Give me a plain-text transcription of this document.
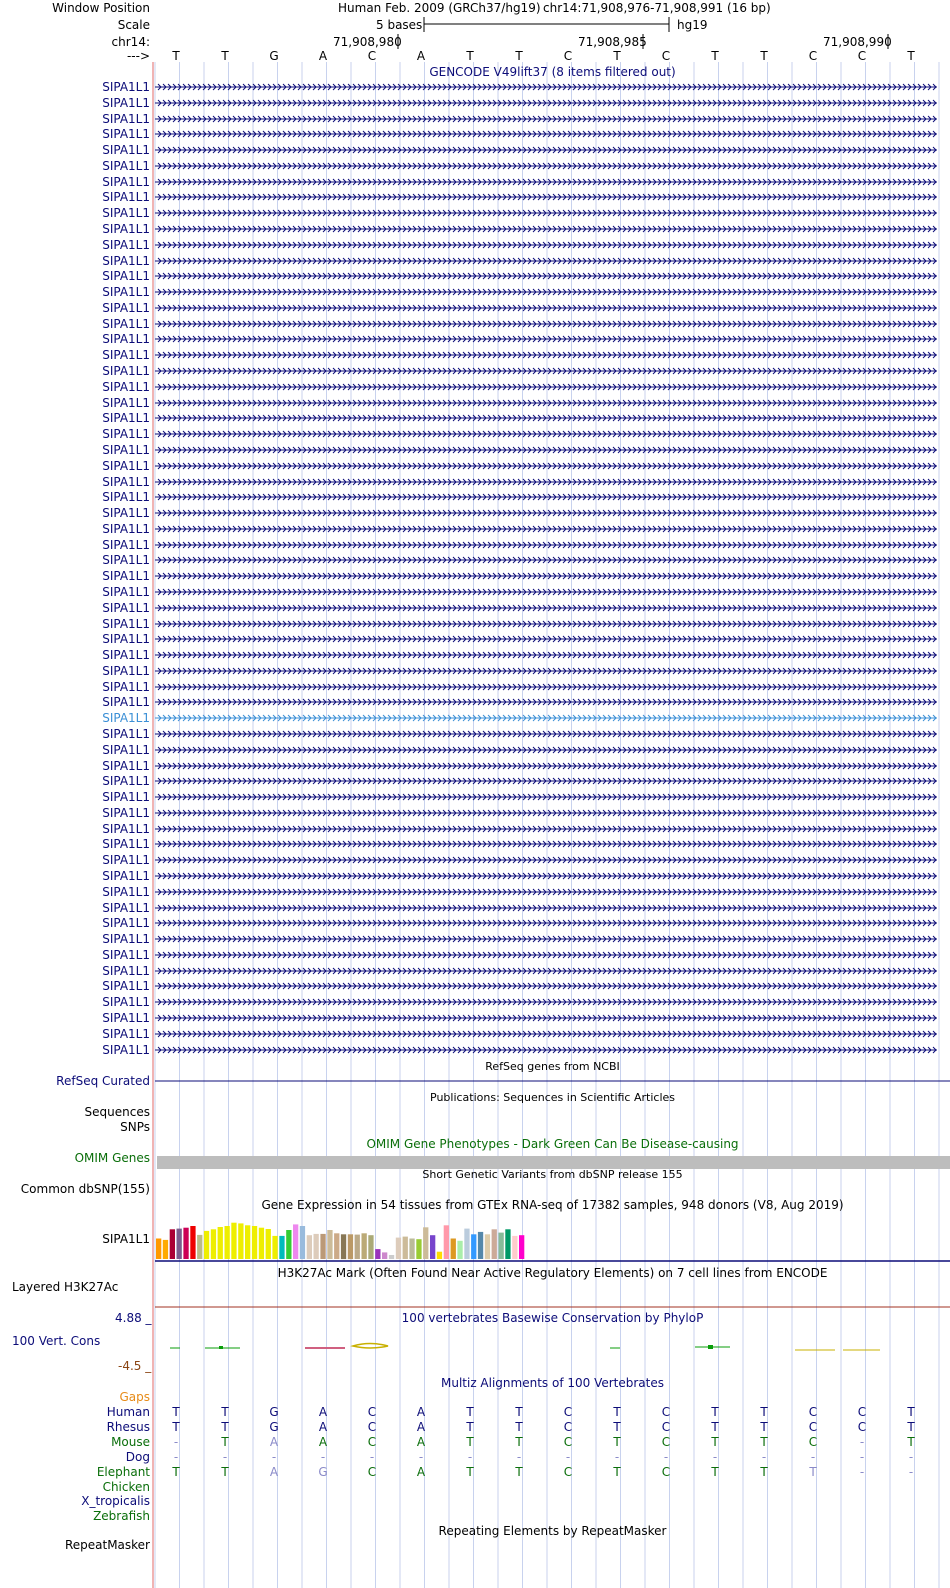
Window Position	Human Feb. 2009 (GRCh37/hg19) chr14:71,908,976-71,908,991 (16 bp)
Scale	5 bases	hg19
chr14:	71,908,980	71,908,985	71,908,990
--->	T	T	G	A	C	A	T	T	C	T	C	T	T	C	C	T
GENCODE V49lift37 (8 items filtered out)
SIPA1L1
SIPA1L1
SIPA1L1
SIPA1L1
SIPA1L1
SIPA1L1
SIPA1L1
SIPA1L1
SIPA1L1
SIPA1L1
SIPA1L1
SIPA1L1
SIPA1L1
SIPA1L1
SIPA1L1
SIPA1L1
SIPA1L1
SIPA1L1
SIPA1L1
SIPA1L1
SIPA1L1
SIPA1L1
SIPA1L1
SIPA1L1
SIPA1L1
SIPA1L1
SIPA1L1
SIPA1L1
SIPA1L1
SIPA1L1
SIPA1L1
SIPA1L1
SIPA1L1
SIPA1L1
SIPA1L1
SIPA1L1
SIPA1L1
SIPA1L1
SIPA1L1
SIPA1L1
SIPA1L1
SIPA1L1
SIPA1L1
SIPA1L1
SIPA1L1
SIPA1L1
SIPA1L1
SIPA1L1
SIPA1L1
SIPA1L1
SIPA1L1
SIPA1L1
SIPA1L1
SIPA1L1
SIPA1L1
SIPA1L1
SIPA1L1
SIPA1L1
SIPA1L1
SIPA1L1
SIPA1L1
SIPA1L1
RefSeq genes from NCBI
RefSeq Curated
Publications: Sequences in Scientific Articles
Sequences
SNPs
OMIM Gene Phenotypes - Dark Green Can Be Disease-causing
OMIM Genes
Short Genetic Variants from dbSNP release 155
Common dbSNP(155)
Gene Expression in 54 tissues from GTEx RNA-seq of 17382 samples, 948 donors (V8, Aug 2019)
SIPA1L1
H3K27Ac Mark (Often Found Near Active Regulatory Elements) on 7 cell lines from ENCODE
Layered H3K27Ac
100 vertebrates Basewise Conservation by PhyloP
4.88 _
100 Vert. Cons
-4.5 _
Multiz Alignments of 100 Vertebrates
Gaps
Human	T	T	G	A	C	A	T	T	C	T	C	T	T	C	C	T
Rhesus	T	T	G	A	C	A	T	T	C	T	C	T	T	C	C	T
Mouse	-	T	A	A	C	A	T	T	C	T	C	T	T	C	-	T
Dog	-	-	-	-	-	-	-	-	-	-	-	-	-	-	-	-
Elephant	T	T	A	G	C	A	T	T	C	T	C	T	T	T	-	-
Chicken
X_tropicalis
Zebrafish
Repeating Elements by RepeatMasker
RepeatMasker
